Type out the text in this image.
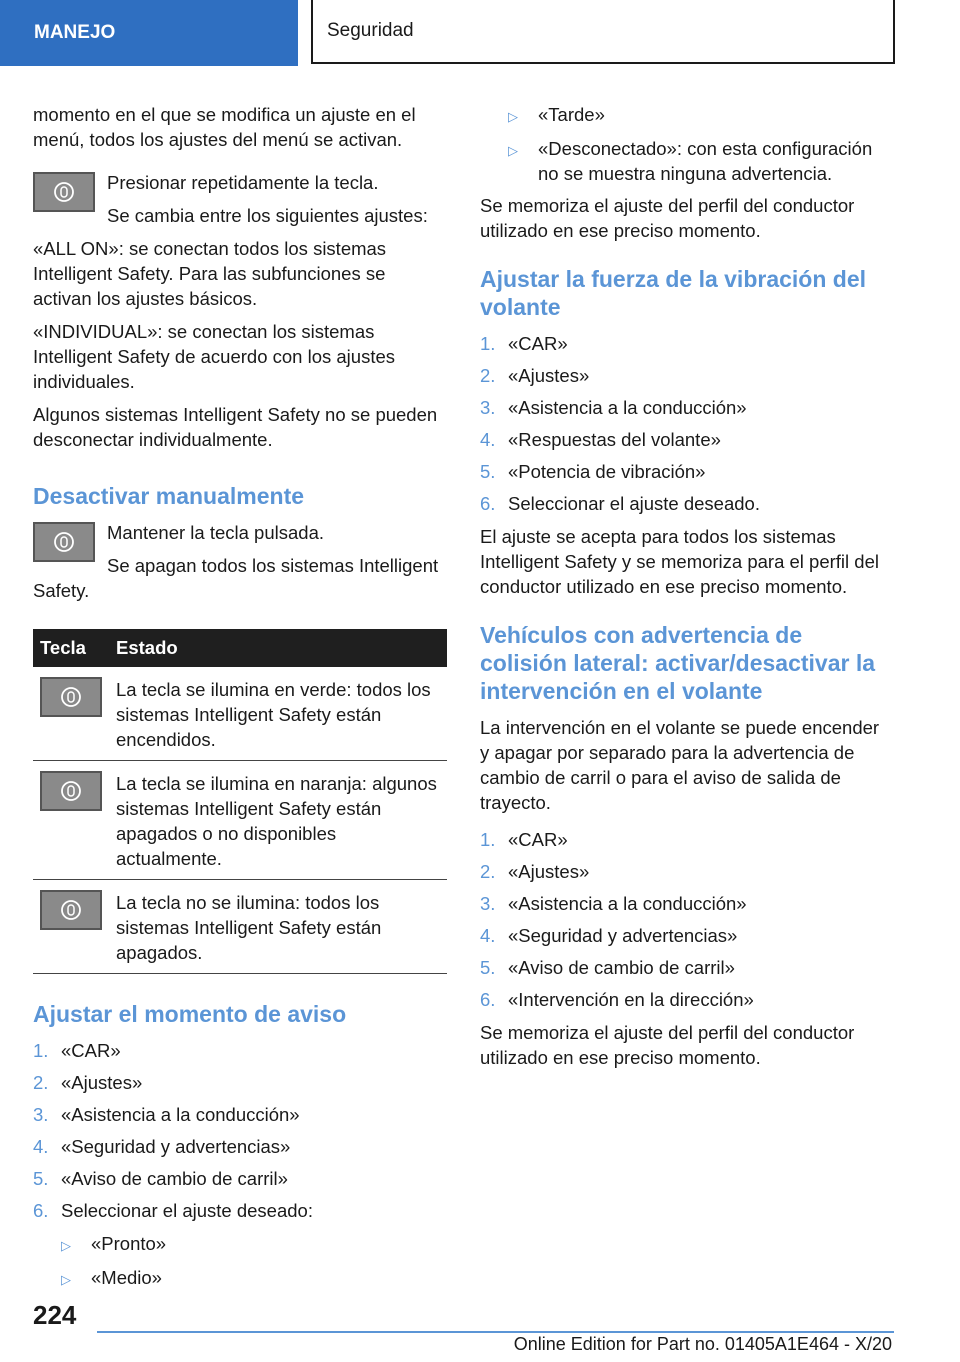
MANEJO	Seguridad

momento en el que se modifica un ajuste en el menú, todos los ajustes del menú se activan.

Presionar repetidamente la tecla.

Se cambia entre los siguientes ajustes:

«ALL ON»: se conectan todos los sistemas Intelligent Safety. Para las subfunciones se activan los ajustes básicos.

«INDIVIDUAL»: se conectan los sistemas Intelligent Safety de acuerdo con los ajustes individuales.

Algunos sistemas Intelligent Safety no se pueden desconectar individualmente.

Desactivar manualmente

Mantener la tecla pulsada.

Se apagan todos los sistemas Intelligent Safety.

Tecla	Estado

	La tecla se ilumina en verde: todos los sistemas Intelligent Safety están encendidos.

	La tecla se ilumina en naranja: algunos sistemas Intelligent Safety están apagados o no disponibles actualmente.

	La tecla no se ilumina: todos los sistemas Intelligent Safety están apagados.
Ajustar el momento de aviso
1. «CAR»
2. «Ajustes»
3. «Asistencia a la conducción»
4. «Seguridad y advertencias»
5. «Aviso de cambio de carril»
6. Seleccionar el ajuste deseado:
▷	«Pronto»
▷	«Medio»
▷	«Tarde»
▷	«Desconectado»: con esta configuración no se muestra ninguna advertencia.

Se memoriza el ajuste del perfil del conductor utilizado en ese preciso momento.

Ajustar la fuerza de la vibración del volante
1. «CAR»
2. «Ajustes»
3. «Asistencia a la conducción»
4. «Respuestas del volante»
5. «Potencia de vibración»
6. Seleccionar el ajuste deseado.

El ajuste se acepta para todos los sistemas Intelligent Safety y se memoriza para el perfil del conductor utilizado en ese preciso momento.

Vehículos con advertencia de colisión lateral: activar/desactivar la intervención en el volante

La intervención en el volante se puede encender y apagar por separado para la advertencia de cambio de carril o para el aviso de salida de trayecto.

1. «CAR»
2. «Ajustes»
3. «Asistencia a la conducción»
4. «Seguridad y advertencias»
5. «Aviso de cambio de carril»
6. «Intervención en la dirección»

Se memoriza el ajuste del perfil del conductor utilizado en ese preciso momento.

224
Online Edition for Part no. 01405A1E464 - X/20
